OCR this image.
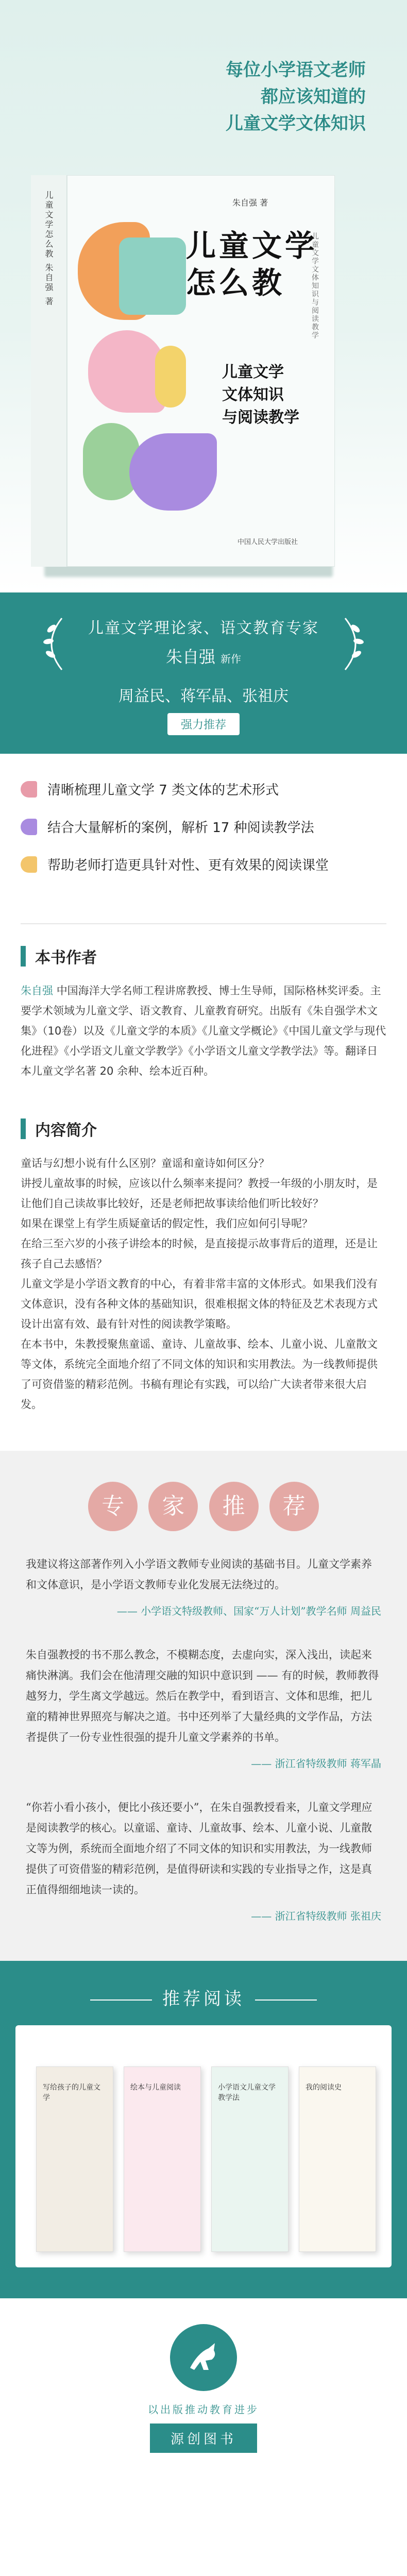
每位小学语文老师
都应该知道的
儿童文学文体知识
儿童文学怎么教 朱自强 著	朱自强 著
儿童文学
怎么教	儿童文学文体知识与阅读教学
儿童文学
文体知识
与阅读教学
中国人民大学出版社
儿童文学理论家、语文教育专家
朱自强 新作
周益民、蒋军晶、张祖庆
强力推荐
清晰梳理儿童文学 7 类文体的艺术形式
结合大量解析的案例，解析 17 种阅读教学法
帮助老师打造更具针对性、更有效果的阅读课堂
本书作者

朱自强 中国海洋大学名师工程讲席教授、博士生导师，国际格林奖评委。主要学术领域为儿童文学、语文教育、儿童教育研究。出版有《朱自强学术文集》（10卷）以及《儿童文学的本质》《儿童文学概论》《中国儿童文学与现代化进程》《小学语文儿童文学教学》《小学语文儿童文学教学法》等。翻译日本儿童文学名著 20 余种、绘本近百种。

内容简介

童话与幻想小说有什么区别？童谣和童诗如何区分？

讲授儿童故事的时候，应该以什么频率来提问？教授一年级的小朋友时，是让他们自己读故事比较好，还是老师把故事读给他们听比较好？

如果在课堂上有学生质疑童话的假定性，我们应如何引导呢？

在给三至六岁的小孩子讲绘本的时候，是直接提示故事背后的道理，还是让孩子自己去感悟？

儿童文学是小学语文教育的中心，有着非常丰富的文体形式。如果我们没有文体意识，没有各种文体的基础知识，很难根据文体的特征及艺术表现方式设计出富有效、最有针对性的阅读教学策略。

在本书中，朱教授聚焦童谣、童诗、儿童故事、绘本、儿童小说、儿童散文等文体，系统完全面地介绍了不同文体的知识和实用教法。为一线教师提供了可资借鉴的精彩范例。书稿有理论有实践，可以给广大读者带来很大启发。

专 家 推 荐

我建议将这部著作列入小学语文教师专业阅读的基础书目。儿童文学素养和文体意识，是小学语文教师专业化发展无法绕过的。

—— 小学语文特级教师、国家“万人计划”教学名师 周益民

朱自强教授的书不那么教念，不模糊态度，去虚向实，深入浅出，读起来痛快淋漓。我们会在他清理交融的知识中意识到 —— 有的时候，教师教得越努力，学生离文学越远。然后在教学中，看到语言、文体和思维，把儿童的精神世界照亮与解决之道。书中还列举了大量经典的文学作品，方法者提供了一份专业性很强的提升儿童文学素养的书单。

—— 浙江省特级教师 蒋军晶

“你若小看小孩小，便比小孩还要小”，在朱自强教授看来，儿童文学理应是阅读教学的核心。以童谣、童诗、儿童故事、绘本、儿童小说、儿童散文等为例，系统而全面地介绍了不同文体的知识和实用教法，为一线教师提供了可资借鉴的精彩范例，是值得研读和实践的专业指导之作，这是真正值得细细地读一读的。

—— 浙江省特级教师 张祖庆

推荐阅读
写给孩子的儿童文学
绘本与儿童阅读	小学语文儿童文学教学法
我的阅读史
以出版推动教育进步
源创图书
